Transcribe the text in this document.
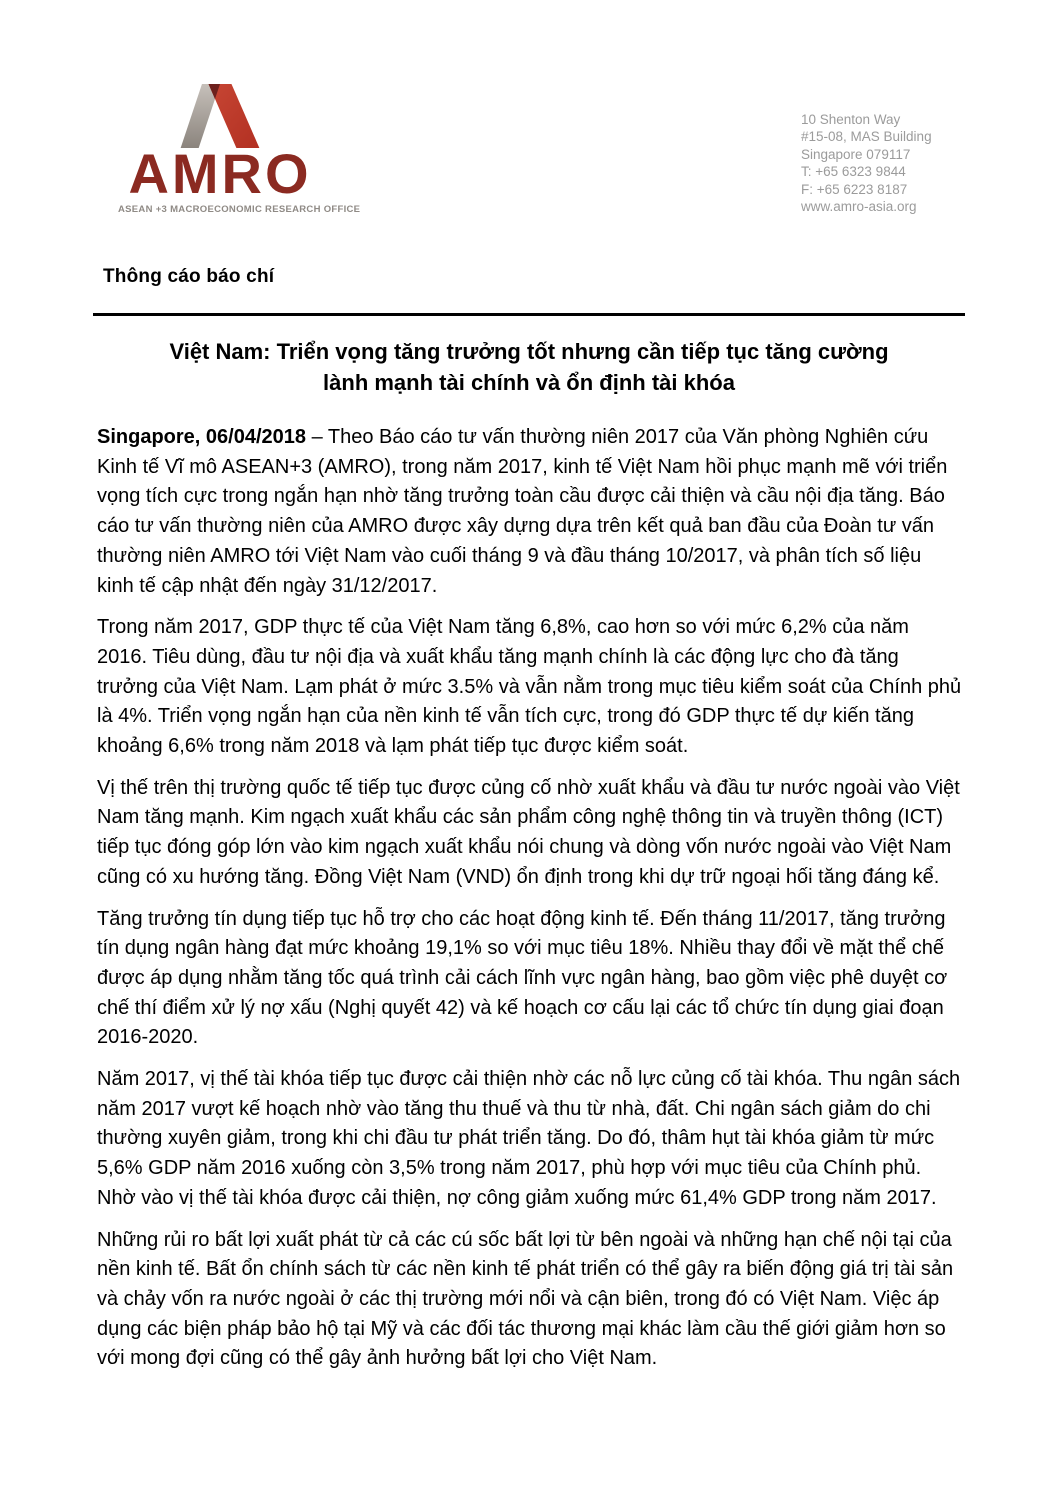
AMRO
ASEAN +3 MACROECONOMIC RESEARCH OFFICE
10 Shenton Way
#15-08, MAS Building
Singapore 079117
T: +65 6323 9844
F: +65 6223 8187
www.amro-asia.org
Thông cáo báo chí
Việt Nam: Triển vọng tăng trưởng tốt nhưng cần tiếp tục tăng cường
lành mạnh tài chính và ổn định tài khóa

Singapore, 06/04/2018 – Theo Báo cáo tư vấn thường niên 2017 của Văn phòng Nghiên cứu Kinh tế Vĩ mô ASEAN+3 (AMRO), trong năm 2017, kinh tế Việt Nam hồi phục mạnh mẽ với triển vọng tích cực trong ngắn hạn nhờ tăng trưởng toàn cầu được cải thiện và cầu nội địa tăng. Báo cáo tư vấn thường niên của AMRO được xây dựng dựa trên kết quả ban đầu của Đoàn tư vấn thường niên AMRO tới Việt Nam vào cuối tháng 9 và đầu tháng 10/2017, và phân tích số liệu kinh tế cập nhật đến ngày 31/12/2017.

Trong năm 2017, GDP thực tế của Việt Nam tăng 6,8%, cao hơn so với mức 6,2% của năm 2016. Tiêu dùng, đầu tư nội địa và xuất khẩu tăng mạnh chính là các động lực cho đà tăng trưởng của Việt Nam. Lạm phát ở mức 3.5% và vẫn nằm trong mục tiêu kiểm soát của Chính phủ là 4%. Triển vọng ngắn hạn của nền kinh tế vẫn tích cực, trong đó GDP thực tế dự kiến tăng khoảng 6,6% trong năm 2018 và lạm phát tiếp tục được kiểm soát.

Vị thế trên thị trường quốc tế tiếp tục được củng cố nhờ xuất khẩu và đầu tư nước ngoài vào Việt Nam tăng mạnh. Kim ngạch xuất khẩu các sản phẩm công nghệ thông tin và truyền thông (ICT) tiếp tục đóng góp lớn vào kim ngạch xuất khẩu nói chung và dòng vốn nước ngoài vào Việt Nam cũng có xu hướng tăng. Đồng Việt Nam (VND) ổn định trong khi dự trữ ngoại hối tăng đáng kể.

Tăng trưởng tín dụng tiếp tục hỗ trợ cho các hoạt động kinh tế. Đến tháng 11/2017, tăng trưởng tín dụng ngân hàng đạt mức khoảng 19,1% so với mục tiêu 18%. Nhiều thay đổi về mặt thể chế được áp dụng nhằm tăng tốc quá trình cải cách lĩnh vực ngân hàng, bao gồm việc phê duyệt cơ chế thí điểm xử lý nợ xấu (Nghị quyết 42) và kế hoạch cơ cấu lại các tổ chức tín dụng giai đoạn 2016-2020.

Năm 2017, vị thế tài khóa tiếp tục được cải thiện nhờ các nỗ lực củng cố tài khóa. Thu ngân sách năm 2017 vượt kế hoạch nhờ vào tăng thu thuế và thu từ nhà, đất. Chi ngân sách giảm do chi thường xuyên giảm, trong khi chi đầu tư phát triển tăng. Do đó, thâm hụt tài khóa giảm từ mức 5,6% GDP năm 2016 xuống còn 3,5% trong năm 2017, phù hợp với mục tiêu của Chính phủ. Nhờ vào vị thế tài khóa được cải thiện, nợ công giảm xuống mức 61,4% GDP trong năm 2017.

Những rủi ro bất lợi xuất phát từ cả các cú sốc bất lợi từ bên ngoài và những hạn chế nội tại của nền kinh tế. Bất ổn chính sách từ các nền kinh tế phát triển có thể gây ra biến động giá trị tài sản và chảy vốn ra nước ngoài ở các thị trường mới nổi và cận biên, trong đó có Việt Nam. Việc áp dụng các biện pháp bảo hộ tại Mỹ và các đối tác thương mại khác làm cầu thế giới giảm hơn so với mong đợi cũng có thể gây ảnh hưởng bất lợi cho Việt Nam.
